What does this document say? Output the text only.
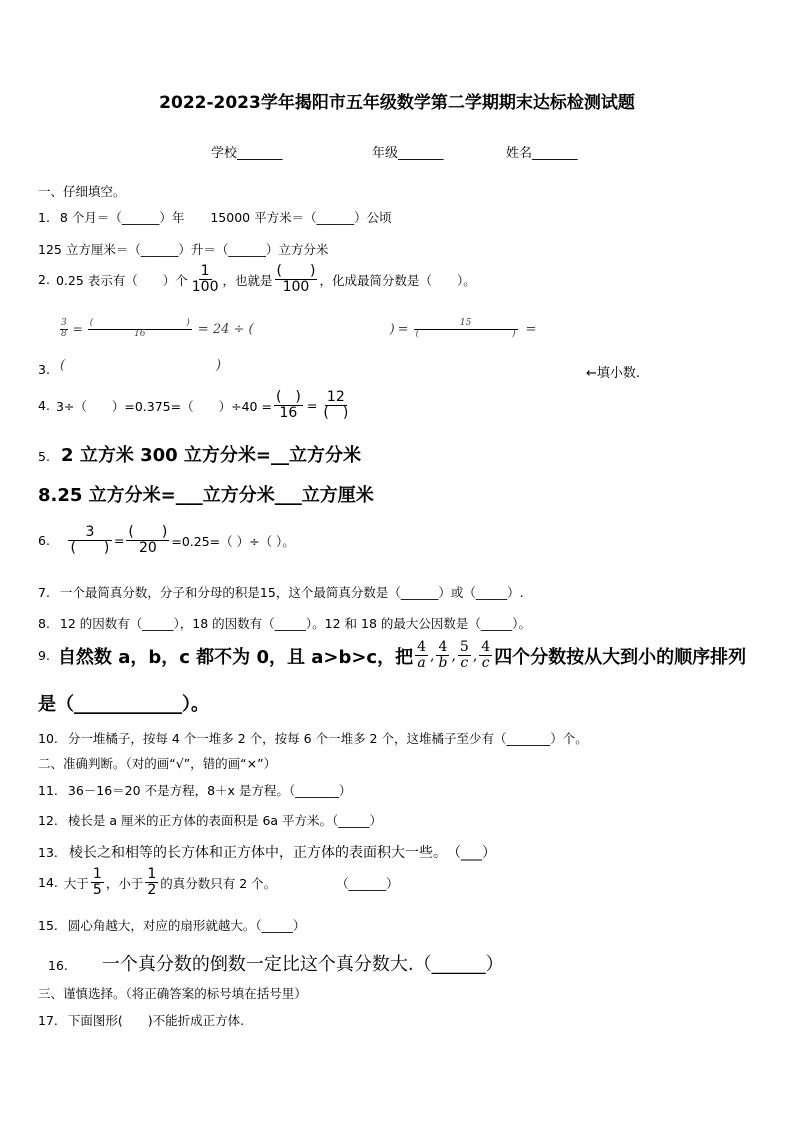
2022-2023学年揭阳市五年级数学第二学期期末达标检测试题
学校_______	年级_______	姓名_______
一、仔细填空。
1. 8 个月＝（______）年 15000 平方米＝（______）公顷
125 立方厘米＝（______）升＝（______）立方分米
2. 0.25 表示有（　　）个 $\frac{1}{100}$ ，也就是 $\frac{( )}{100}$ ，化成最简分数是（　　）。
$\frac{3}{8}$ = (	)
16 = 24 ÷ (	) = 15
(	) =
3. (	)
←填小数.
4. 3÷（　　）=0.375=（　　）$\div 40 = \frac{( )}{16} = \frac{12}{( )}$
5. 2 立方米 300 立方分米=__立方分米
8.25 立方分米=___立方分米___立方厘米
6. $\frac{3}{( )} = \frac{( )}{20} =0.25=$（ ）÷（ ）。
7. 一个最简真分数，分子和分母的积是15，这个最简真分数是（______）或（_____）.
8. 12 的因数有（_____），18 的因数有（_____）。12 和 18 的最大公因数是（_____）。
9. 自然数 a，b，c 都不为 0，且 a>b>c，把 $\frac{4}{a}$ , $\frac{4}{b}$ , $\frac{5}{c}$ , $\frac{4}{c}$ 四个分数按从大到小的顺序排列
是（____________）。
10. 分一堆橘子，按每 4 个一堆多 2 个，按每 6 个一堆多 2 个，这堆橘子至少有（_______）个。
二、准确判断。（对的画“√”，错的画“×”）
11. 36－16＝20 不是方程，8＋x 是方程。（_______）
12. 棱长是 a 厘米的正方体的表面积是 6a 平方米。（_____）
13. 棱长之和相等的长方体和正方体中，正方体的表面积大一些。　（___）
14. 大于 $\frac{1}{5}$ ，小于 $\frac{1}{2}$ 的真分数只有 2 个。	（______）
15. 圆心角越大，对应的扇形就越大。（_____）
16. 一个真分数的倒数一定比这个真分数大.（______）
三、谨慎选择。（将正确答案的标号填在括号里）
17. 下面图形(　　)不能折成正方体.
